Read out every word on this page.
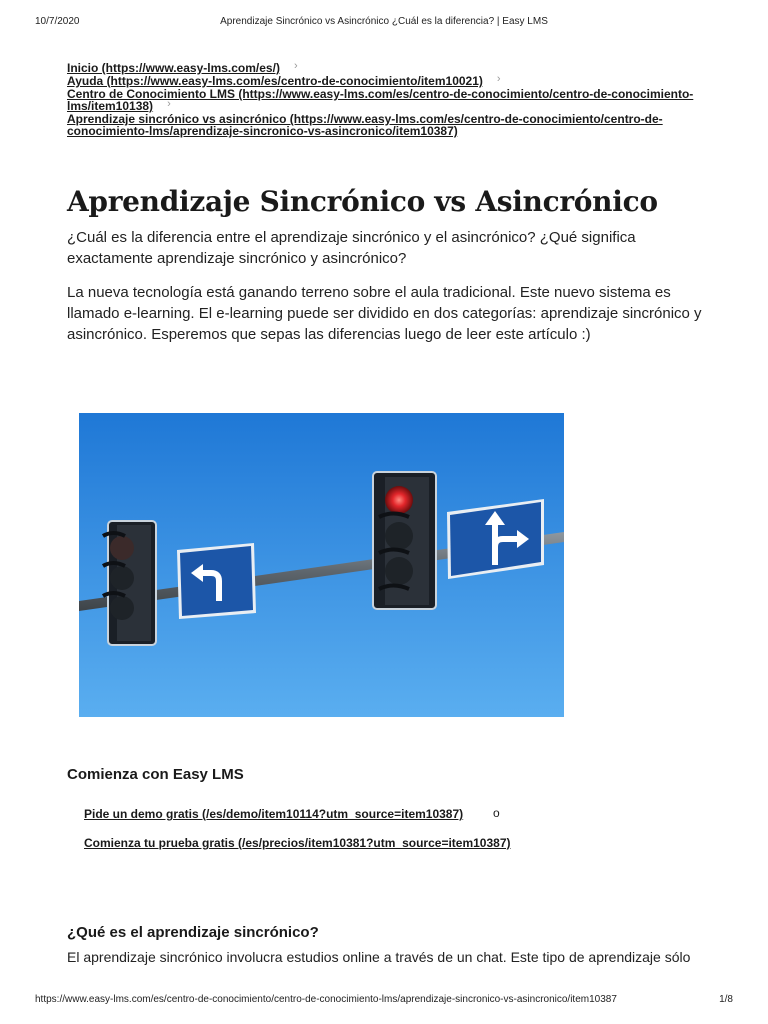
10/7/2020	Aprendizaje Sincrónico vs Asincrónico ¿Cuál es la diferencia? | Easy LMS
Inicio (https://www.easy-lms.com/es/) ›
Ayuda (https://www.easy-lms.com/es/centro-de-conocimiento/item10021) ›
Centro de Conocimiento LMS (https://www.easy-lms.com/es/centro-de-conocimiento/centro-de-conocimiento-lms/item10138) ›
Aprendizaje sincrónico vs asincrónico (https://www.easy-lms.com/es/centro-de-conocimiento/centro-de-conocimiento-lms/aprendizaje-sincronico-vs-asincronico/item10387)
Aprendizaje Sincrónico vs Asincrónico

¿Cuál es la diferencia entre el aprendizaje sincrónico y el asincrónico? ¿Qué significa exactamente aprendizaje sincrónico y asincrónico?

La nueva tecnología está ganando terreno sobre el aula tradicional. Este nuevo sistema es llamado e-learning. El e-learning puede ser dividido en dos categorías: aprendizaje sincrónico y asincrónico. Esperemos que sepas las diferencias luego de leer este artículo :)

Comienza con Easy LMS
Pide un demo gratis (/es/demo/item10114?utm_source=item10387) o
Comienza tu prueba gratis (/es/precios/item10381?utm_source=item10387)
¿Qué es el aprendizaje sincrónico?
El aprendizaje sincrónico involucra estudios online a través de un chat. Este tipo de aprendizaje sólo
https://www.easy-lms.com/es/centro-de-conocimiento/centro-de-conocimiento-lms/aprendizaje-sincronico-vs-asincronico/item10387	1/8
